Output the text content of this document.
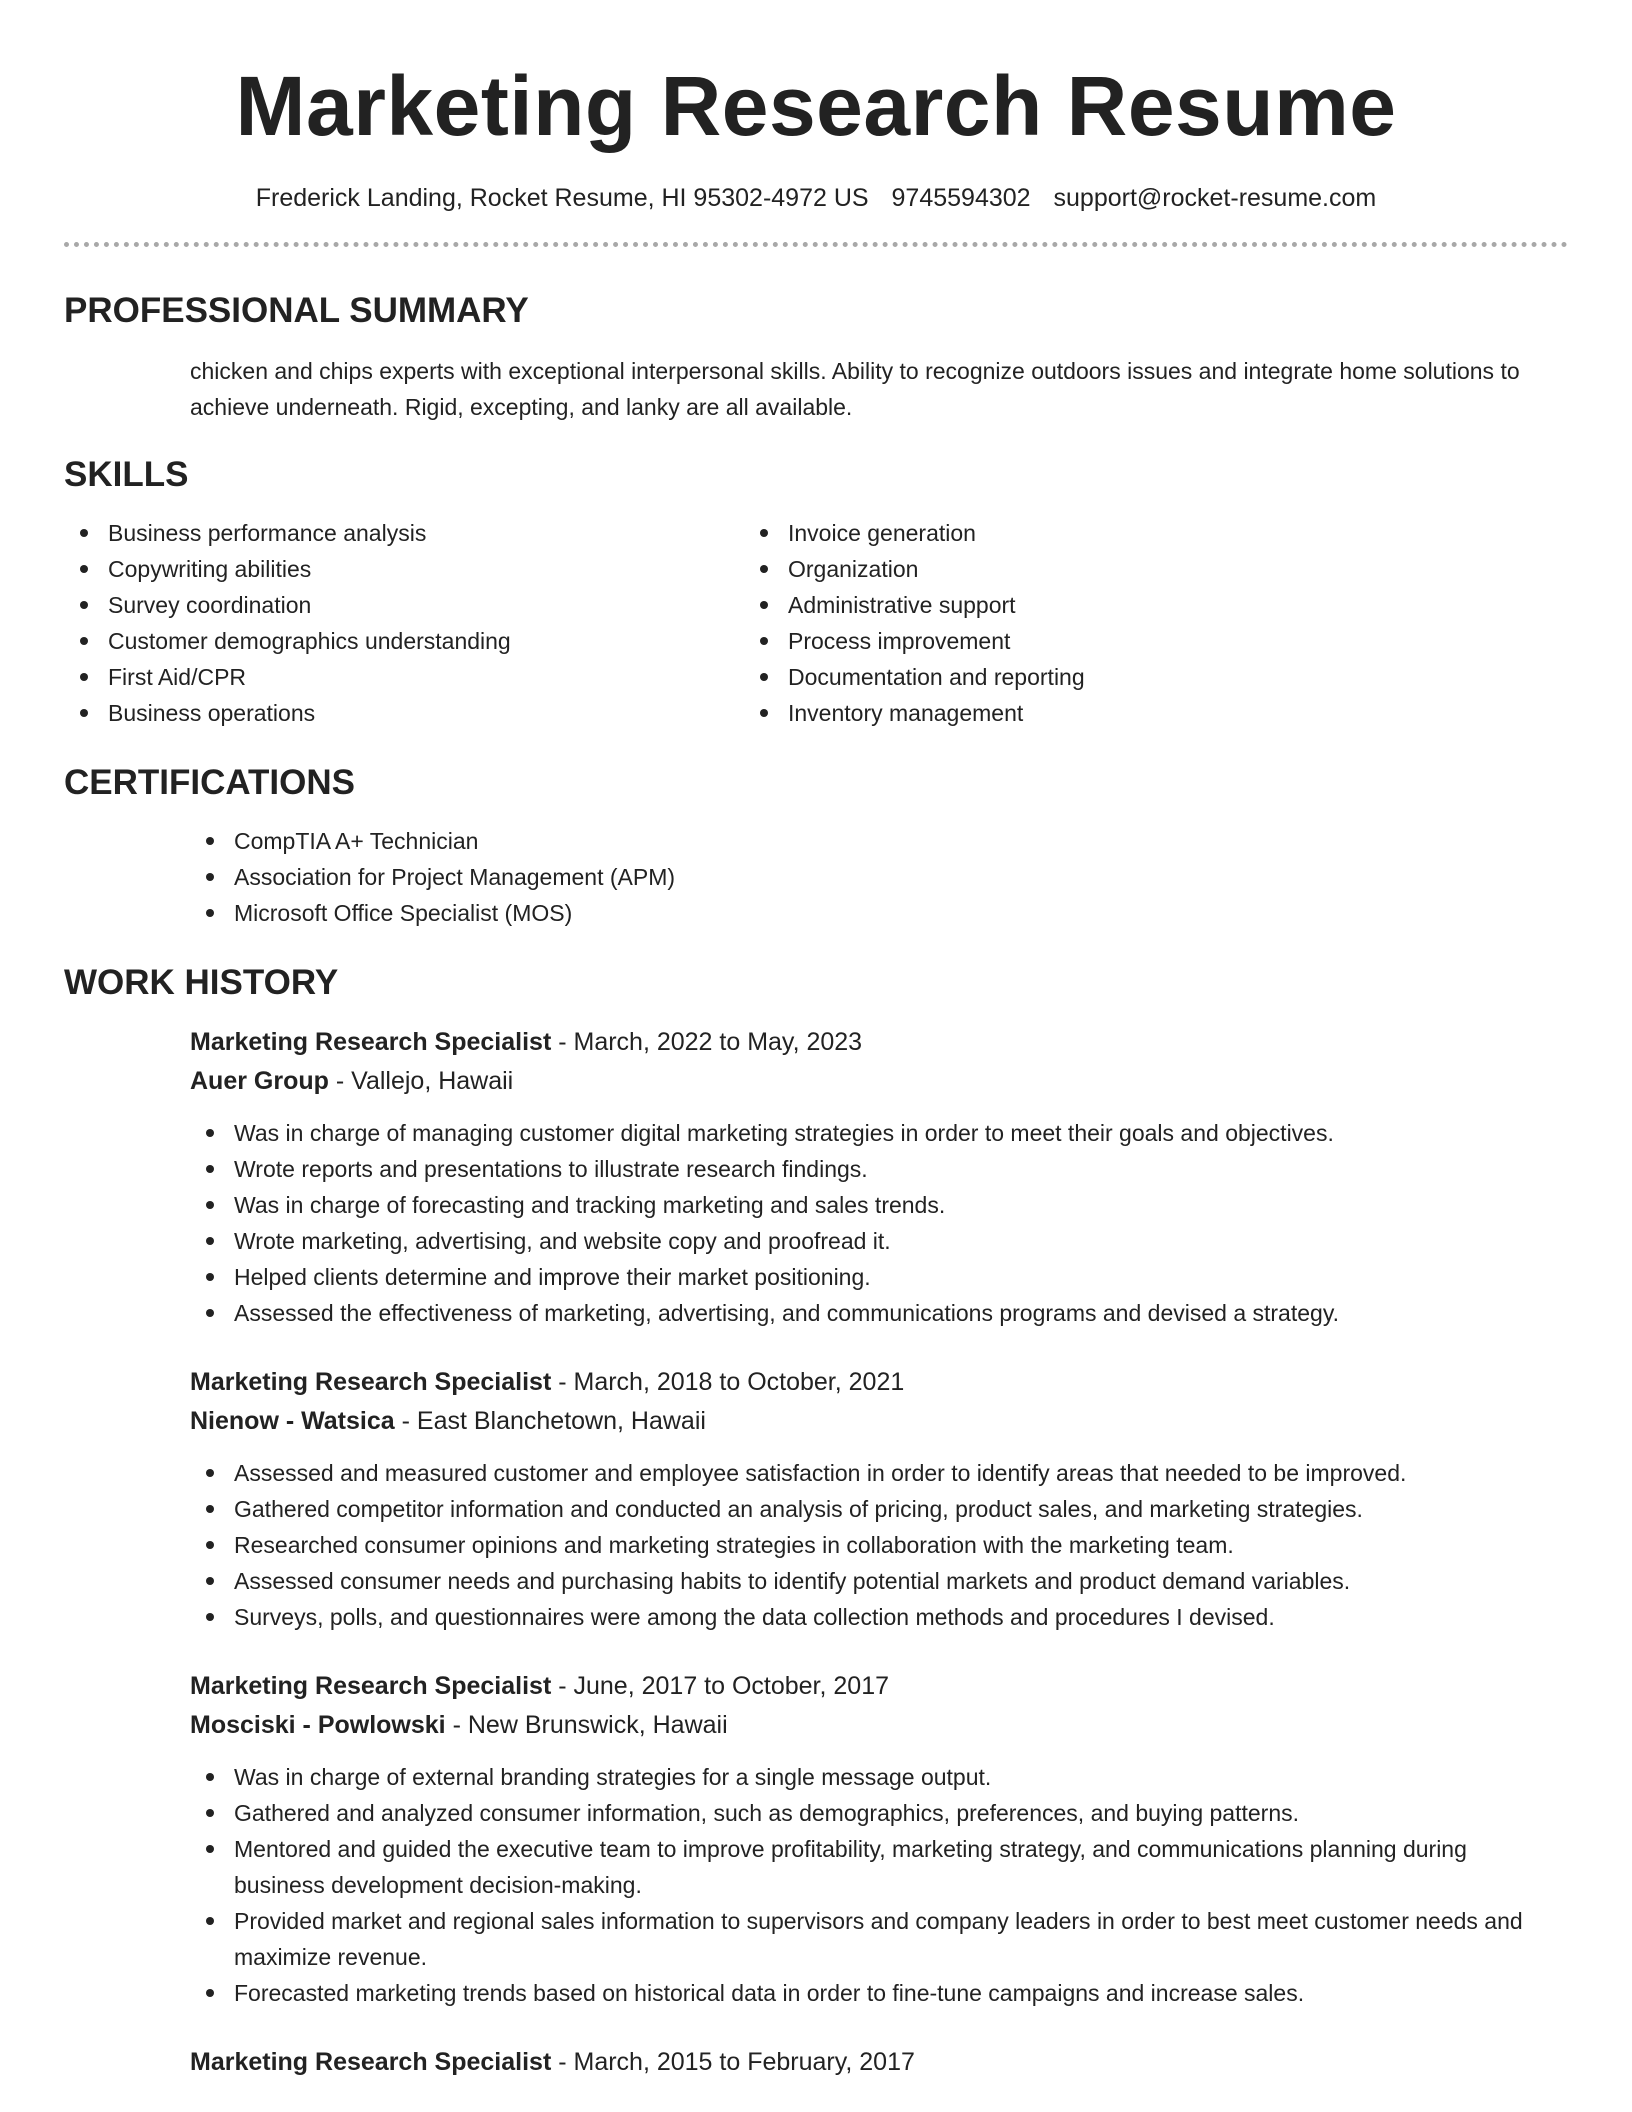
Marketing Research Resume
Frederick Landing, Rocket Resume, HI 95302-4972 US 9745594302 support@rocket-resume.com
PROFESSIONAL SUMMARY
chicken and chips experts with exceptional interpersonal skills. Ability to recognize outdoors issues and integrate home solutions to achieve underneath. Rigid, excepting, and lanky are all available.
SKILLS
Business performance analysis
Copywriting abilities
Survey coordination
Customer demographics understanding
First Aid/CPR
Business operations
Invoice generation
Organization
Administrative support
Process improvement
Documentation and reporting
Inventory management
CERTIFICATIONS
CompTIA A+ Technician
Association for Project Management (APM)
Microsoft Office Specialist (MOS)
WORK HISTORY
Marketing Research Specialist - March, 2022 to May, 2023
Auer Group - Vallejo, Hawaii
Was in charge of managing customer digital marketing strategies in order to meet their goals and objectives.
Wrote reports and presentations to illustrate research findings.
Was in charge of forecasting and tracking marketing and sales trends.
Wrote marketing, advertising, and website copy and proofread it.
Helped clients determine and improve their market positioning.
Assessed the effectiveness of marketing, advertising, and communications programs and devised a strategy.
Marketing Research Specialist - March, 2018 to October, 2021
Nienow - Watsica - East Blanchetown, Hawaii
Assessed and measured customer and employee satisfaction in order to identify areas that needed to be improved.
Gathered competitor information and conducted an analysis of pricing, product sales, and marketing strategies.
Researched consumer opinions and marketing strategies in collaboration with the marketing team.
Assessed consumer needs and purchasing habits to identify potential markets and product demand variables.
Surveys, polls, and questionnaires were among the data collection methods and procedures I devised.
Marketing Research Specialist - June, 2017 to October, 2017
Mosciski - Powlowski - New Brunswick, Hawaii
Was in charge of external branding strategies for a single message output.
Gathered and analyzed consumer information, such as demographics, preferences, and buying patterns.
Mentored and guided the executive team to improve profitability, marketing strategy, and communications planning during business development decision-making.
Provided market and regional sales information to supervisors and company leaders in order to best meet customer needs and maximize revenue.
Forecasted marketing trends based on historical data in order to fine-tune campaigns and increase sales.
Marketing Research Specialist - March, 2015 to February, 2017
